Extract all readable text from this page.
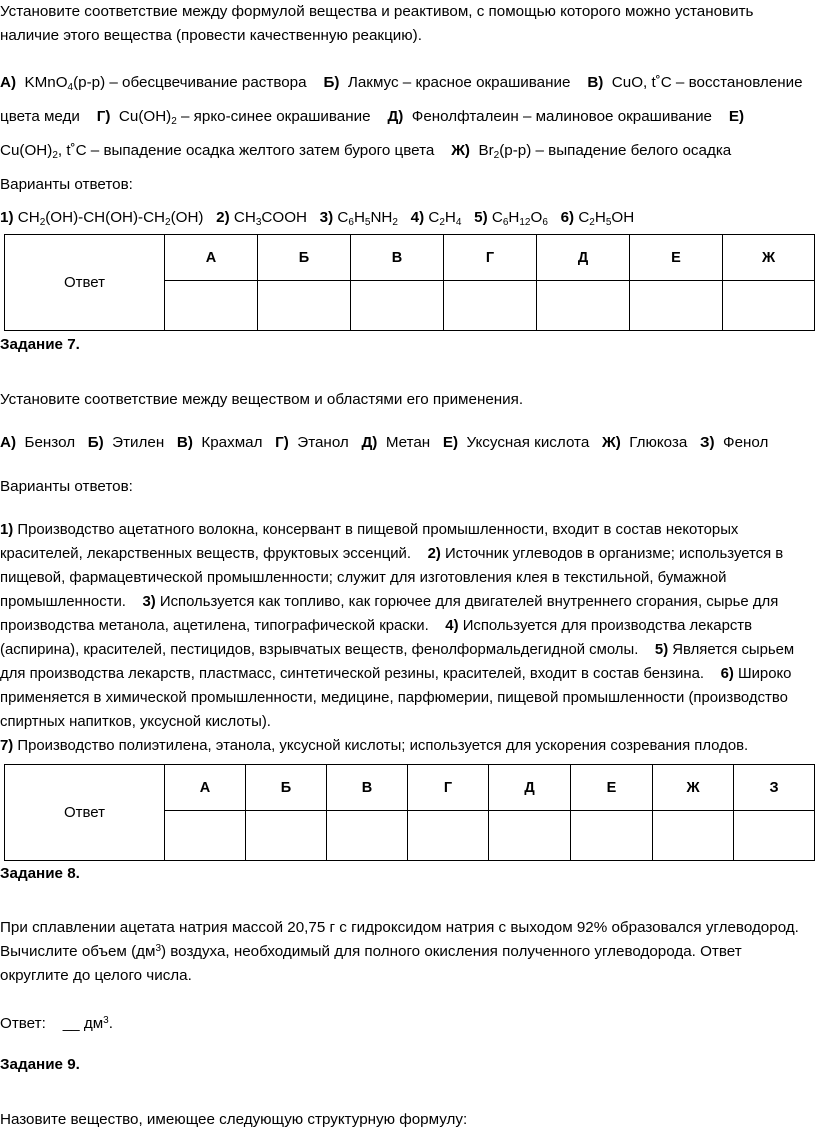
Установите соответствие между формулой вещества и реактивом, с помощью которого можно установить наличие этого вещества (провести качественную реакцию).
А) KMnO$_4$(р-р) – обесцвечивание раствора Б) Лакмус – красное окрашивание В) CuO, t˚C – восстановление цвета меди Г) $Cu(OH)_2$ – ярко-синее окрашивание Д) Фенолфталеин – малиновое окрашивание Е)  $Cu(OH)_2$, t˚C – выпадение осадка желтого затем бурого цвета Ж) $Br_2(р-р)$ – выпадение белого осадка    Варианты ответов:
1) $CH_2(OH)-CH(OH)-CH_2(OH)$ 2) $CH_3COOH$ 3) $C_6H_5NH_2$ 4) $C_2H_4$ 5) $C_6H_{12}O_6$ 6) $C_2H_5OH$
Ответ	А	Б	В	Г	Д	Е	Ж

Задание 7.
Установите соответствие между веществом и областями его применения.
А) Бензол Б) Этилен В) Крахмал Г) Этанол Д) Метан Е) Уксусная кислота Ж) Глюкоза З) Фенол
Варианты ответов:
1) Производство ацетатного волокна, консервант в пищевой промышленности, входит в состав некоторых красителей, лекарственных веществ, фруктовых эссенций. 2) Источник углеводов в организме; используется в пищевой, фармацевтической промышленности; служит для изготовления клея в текстильной, бумажной промышленности. 3) Используется как топливо, как горючее для двигателей внутреннего сгорания, сырье для производства метанола, ацетилена, типографической краски. 4) Используется для производства лекарств (аспирина), красителей, пестицидов, взрывчатых веществ, фенолформальдегидной смолы. 5) Является сырьем для производства лекарств, пластмасс, синтетической резины, красителей, входит в состав бензина. 6) Широко применяется в химической промышленности, медицине, парфюмерии, пищевой промышленности (производство спиртных напитков, уксусной кислоты).
7) Производство полиэтилена, этанола, уксусной кислоты; используется для ускорения созревания плодов.
Ответ	А	Б	В	Г	Д	Е	Ж	З

Задание 8.
При сплавлении ацетата натрия массой 20,75 г с гидроксидом натрия с выходом 92% образовался углеводород. Вычислите объем $(дм^3)$ воздуха, необходимый для полного окисления полученного углеводорода. Ответ округлите до целого числа.
Ответ: __ $дм^3$.
Задание 9.
Назовите вещество, имеющее следующую структурную формулу:
